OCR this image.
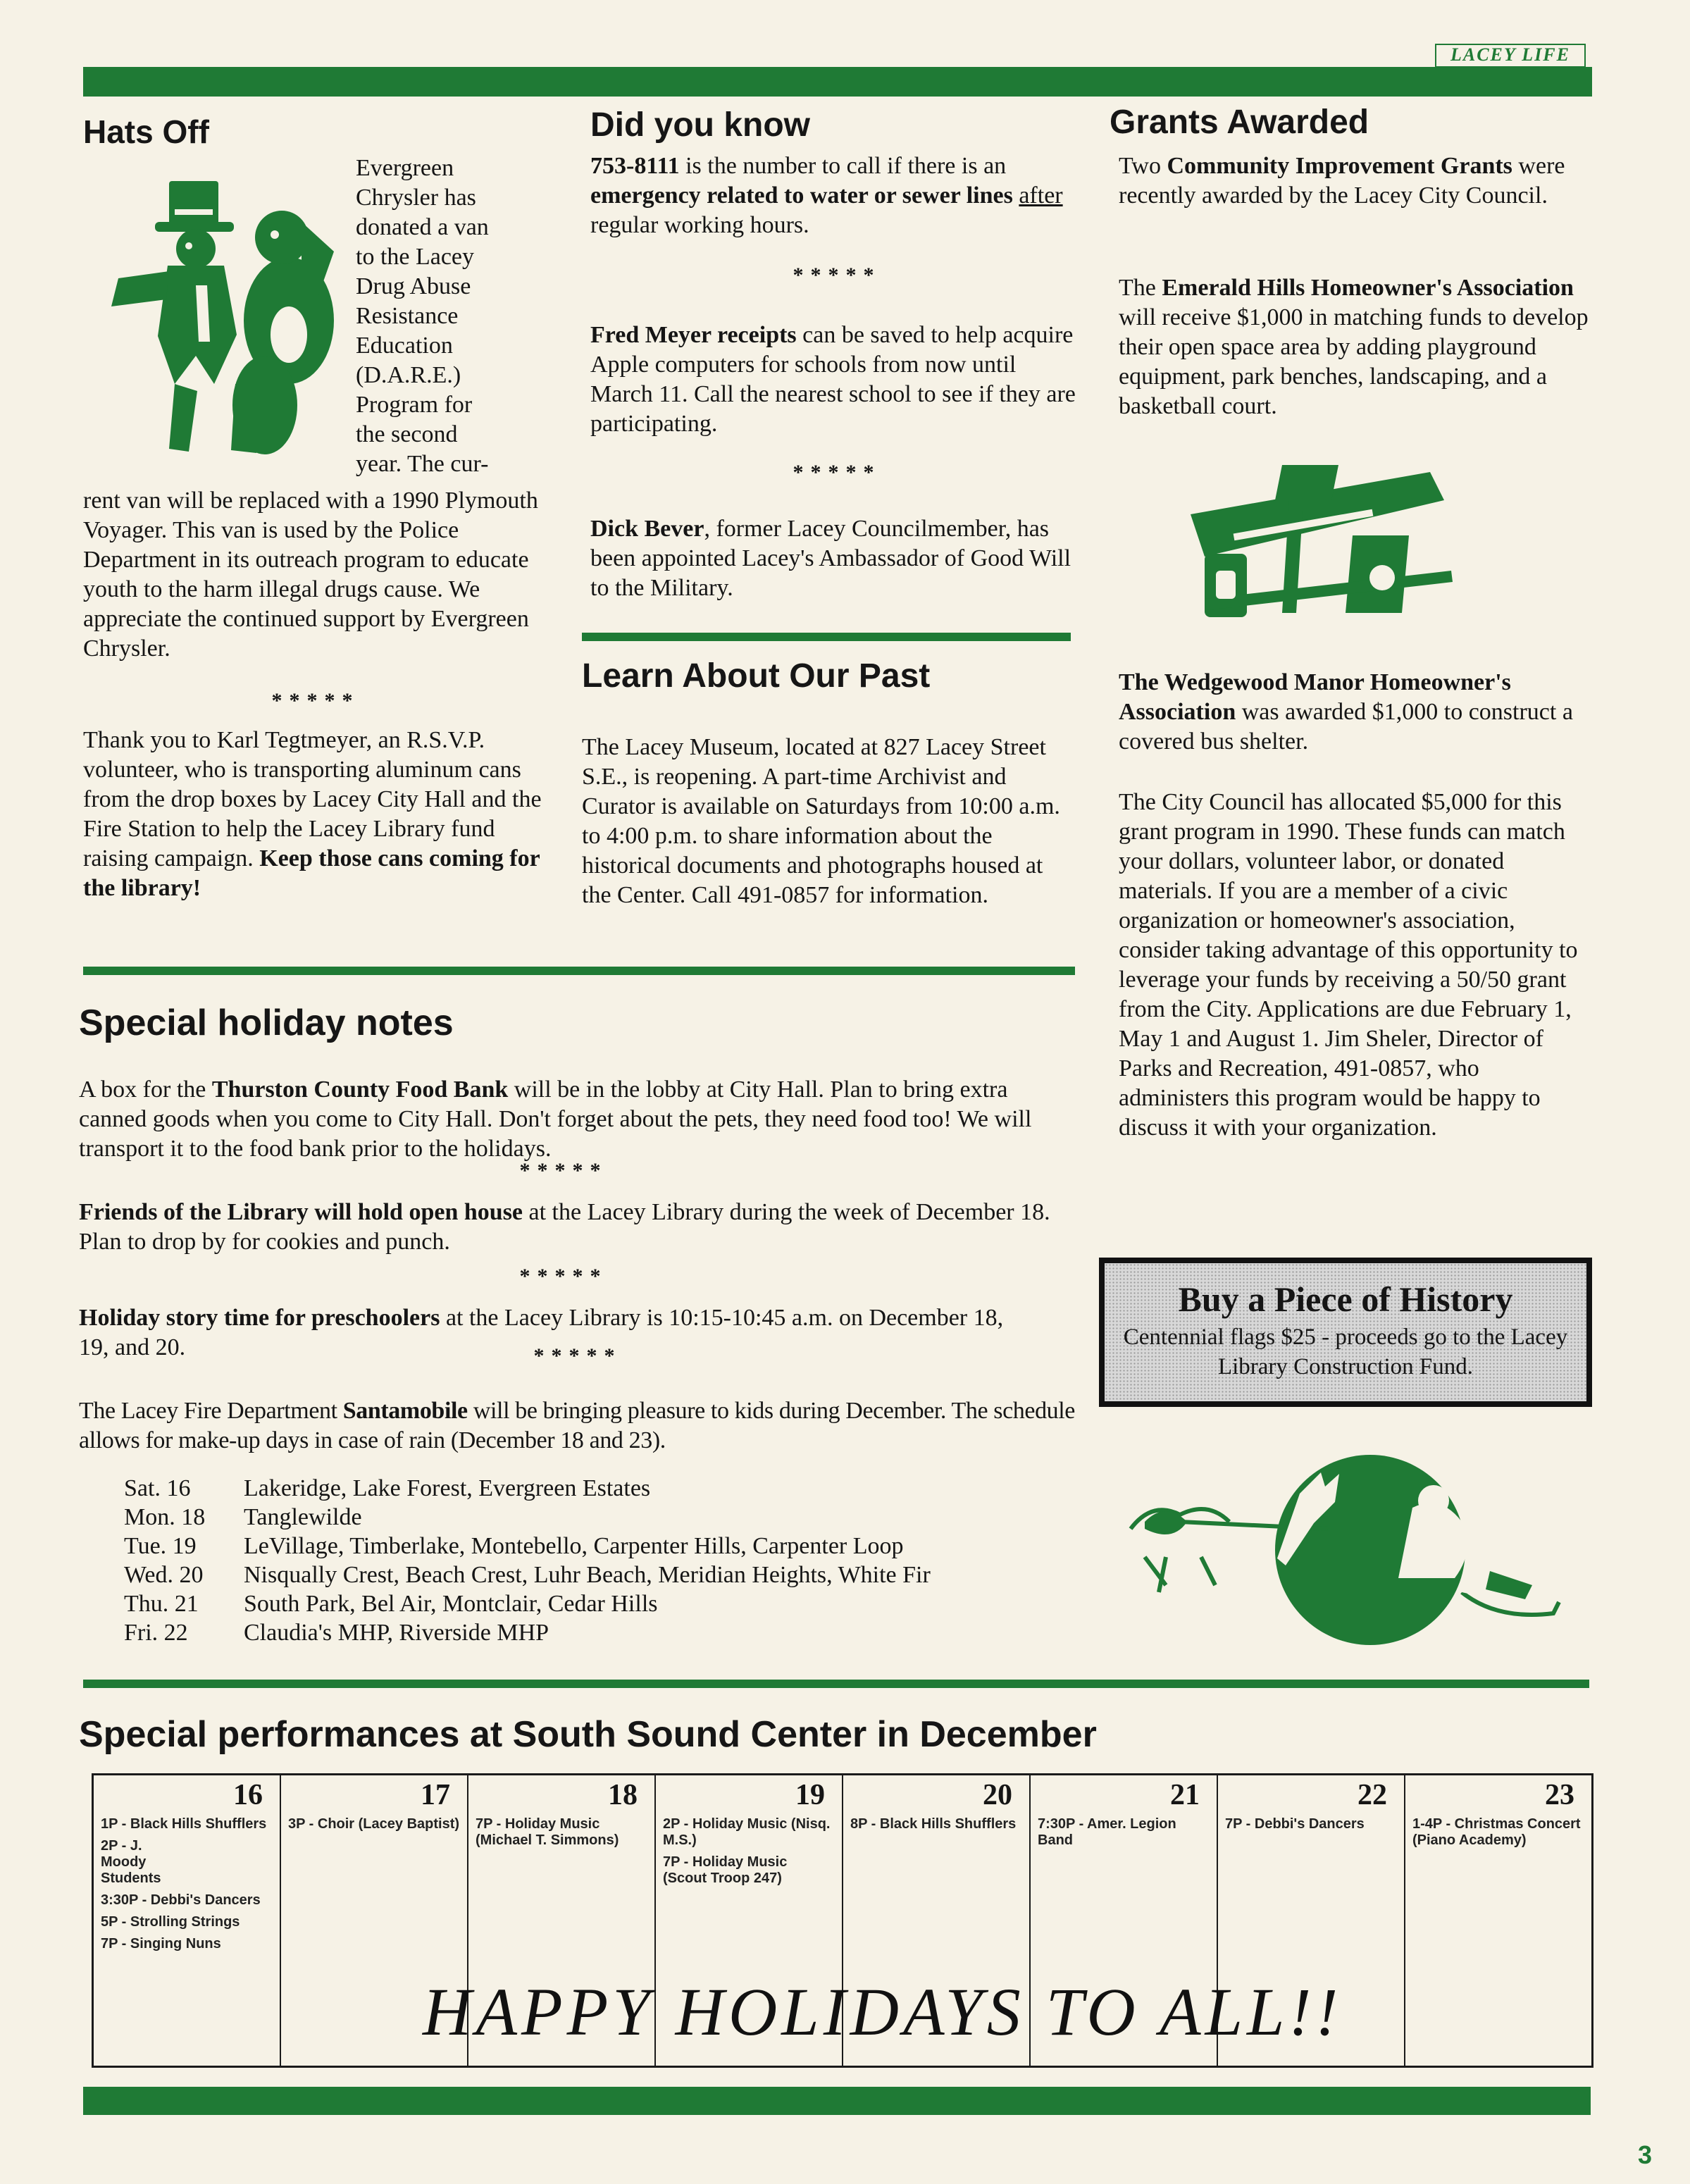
LACEY LIFE
Hats Off
Evergreen
Chrysler has
donated a van
to the Lacey
Drug Abuse
Resistance
Education
(D.A.R.E.)
Program for
the second
year. The cur-
rent van will be replaced with a 1990 Plymouth Voyager. This van is used by the Police Department in its outreach program to educate youth to the harm illegal drugs cause. We appreciate the continued support by Evergreen Chrysler.
*****
Thank you to Karl Tegtmeyer, an R.S.V.P. volunteer, who is transporting aluminum cans from the drop boxes by Lacey City Hall and the Fire Station to help the Lacey Library fund raising campaign. Keep those cans coming for the library!
Did you know
753-8111 is the number to call if there is an emergency related to water or sewer lines after regular working hours.
*****
Fred Meyer receipts can be saved to help acquire Apple computers for schools from now until March 11. Call the nearest school to see if they are participating.
*****
Dick Bever, former Lacey Councilmember, has been appointed Lacey's Ambassador of Good Will to the Military.
Learn About Our Past
The Lacey Museum, located at 827 Lacey Street S.E., is reopening. A part-time Archivist and Curator is available on Saturdays from 10:00 a.m. to 4:00 p.m. to share information about the historical documents and photographs housed at the Center. Call 491-0857 for information.
Grants Awarded
Two Community Improvement Grants were recently awarded by the Lacey City Council.
The Emerald Hills Homeowner's Association will receive $1,000 in matching funds to develop their open space area by adding playground equipment, park benches, landscaping, and a basketball court.
The Wedgewood Manor Homeowner's Association was awarded $1,000 to construct a covered bus shelter.
The City Council has allocated $5,000 for this grant program in 1990. These funds can match your dollars, volunteer labor, or donated materials. If you are a member of a civic organization or homeowner's association, consider taking advantage of this opportunity to leverage your funds by receiving a 50/50 grant from the City. Applications are due February 1, May 1 and August 1. Jim Sheler, Director of Parks and Recreation, 491-0857, who administers this program would be happy to discuss it with your organization.
Buy a Piece of History
Centennial flags $25 - proceeds go to the Lacey Library Construction Fund.
Special holiday notes
A box for the Thurston County Food Bank will be in the lobby at City Hall. Plan to bring extra canned goods when you come to City Hall. Don't forget about the pets, they need food too! We will transport it to the food bank prior to the holidays.
*****
Friends of the Library will hold open house at the Lacey Library during the week of December 18. Plan to drop by for cookies and punch.
*****
Holiday story time for preschoolers at the Lacey Library is 10:15-10:45 a.m. on December 18, 19, and 20.	*****
The Lacey Fire Department Santamobile will be bringing pleasure to kids during December. The schedule allows for make-up days in case of rain (December 18 and 23).
Sat. 16	Lakeridge, Lake Forest, Evergreen Estates
Mon. 18	Tanglewilde
Tue. 19	LeVillage, Timberlake, Montebello, Carpenter Hills, Carpenter Loop
Wed. 20	Nisqually Crest, Beach Crest, Luhr Beach, Meridian Heights, White Fir
Thu. 21	South Park, Bel Air, Montclair, Cedar Hills
Fri. 22	Claudia's MHP, Riverside MHP
Special performances at South Sound Center in December
16
1P - Black Hills Shufflers
2P - J. Moody Students
3:30P - Debbi's Dancers
5P - Strolling Strings
7P - Singing Nuns
17
3P - Choir (Lacey Baptist)
18
7P - Holiday Music (Michael T. Simmons)
19
2P - Holiday Music (Nisq. M.S.)
7P - Holiday Music (Scout Troop 247)
20
8P - Black Hills Shufflers
21
7:30P - Amer. Legion Band
22
7P - Debbi's Dancers
23
1-4P - Christmas Concert (Piano Academy)
HAPPY HOLIDAYS TO ALL!!
3
